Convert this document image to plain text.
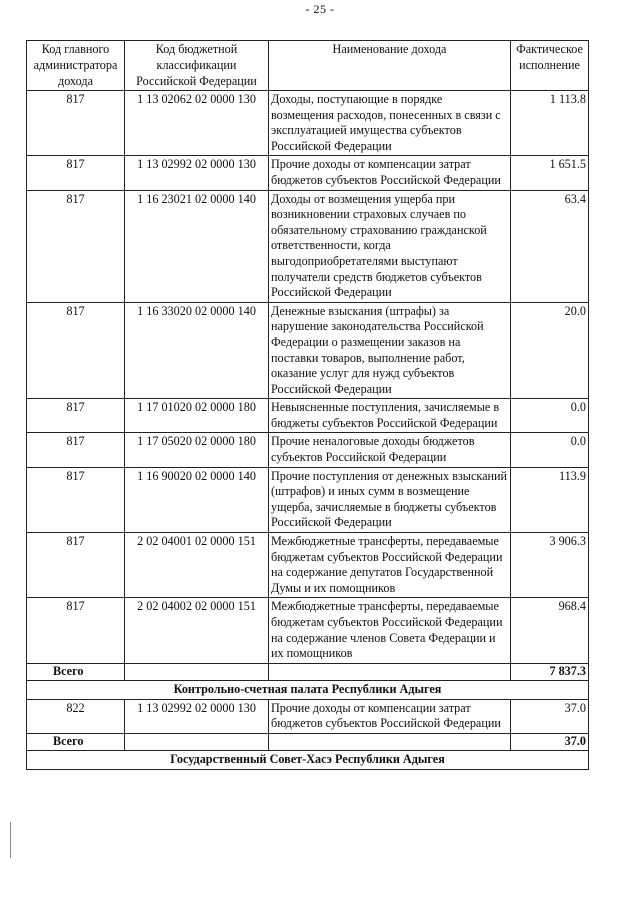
- 25 -
Код главного администратора дохода	Код бюджетной классификации Российской Федерации	Наименование дохода	Фактическое исполнение
817	1 13 02062 02 0000 130	Доходы, поступающие в порядке возмещения расходов, понесенных в связи с эксплуатацией имущества субъектов Российской Федерации	1 113.8
817	1 13 02992 02 0000 130	Прочие доходы от компенсации затрат бюджетов субъектов Российской Федерации	1 651.5
817	1 16 23021 02 0000 140	Доходы от возмещения ущерба при возникновении страховых случаев по обязательному страхованию гражданской ответственности, когда выгодоприобретателями выступают получатели средств бюджетов субъектов Российской Федерации	63.4
817	1 16 33020 02 0000 140	Денежные взыскания (штрафы) за нарушение законодательства Российской Федерации о размещении заказов на поставки товаров, выполнение работ, оказание услуг для нужд субъектов Российской Федерации	20.0
817	1 17 01020 02 0000 180	Невыясненные поступления, зачисляемые в бюджеты субъектов Российской Федерации	0.0
817	1 17 05020 02 0000 180	Прочие неналоговые доходы бюджетов субъектов Российской Федерации	0.0
817	1 16 90020 02 0000 140	Прочие поступления от денежных взысканий (штрафов) и иных сумм в возмещение ущерба, зачисляемые в бюджеты субъектов Российской Федерации	113.9
817	2 02 04001 02 0000 151	Межбюджетные трансферты, передаваемые бюджетам субъектов Российской Федерации на содержание депутатов Государственной Думы и их помощников	3 906.3
817	2 02 04002 02 0000 151	Межбюджетные трансферты, передаваемые бюджетам субъектов Российской Федерации на содержание членов Совета Федерации и их помощников	968.4
Всего			7 837.3
Контрольно-счетная палата Республики Адыгея			
822	1 13 02992 02 0000 130	Прочие доходы от компенсации затрат бюджетов субъектов Российской Федерации	37.0
Всего			37.0
Государственный Совет-Хасэ Республики Адыгея			
